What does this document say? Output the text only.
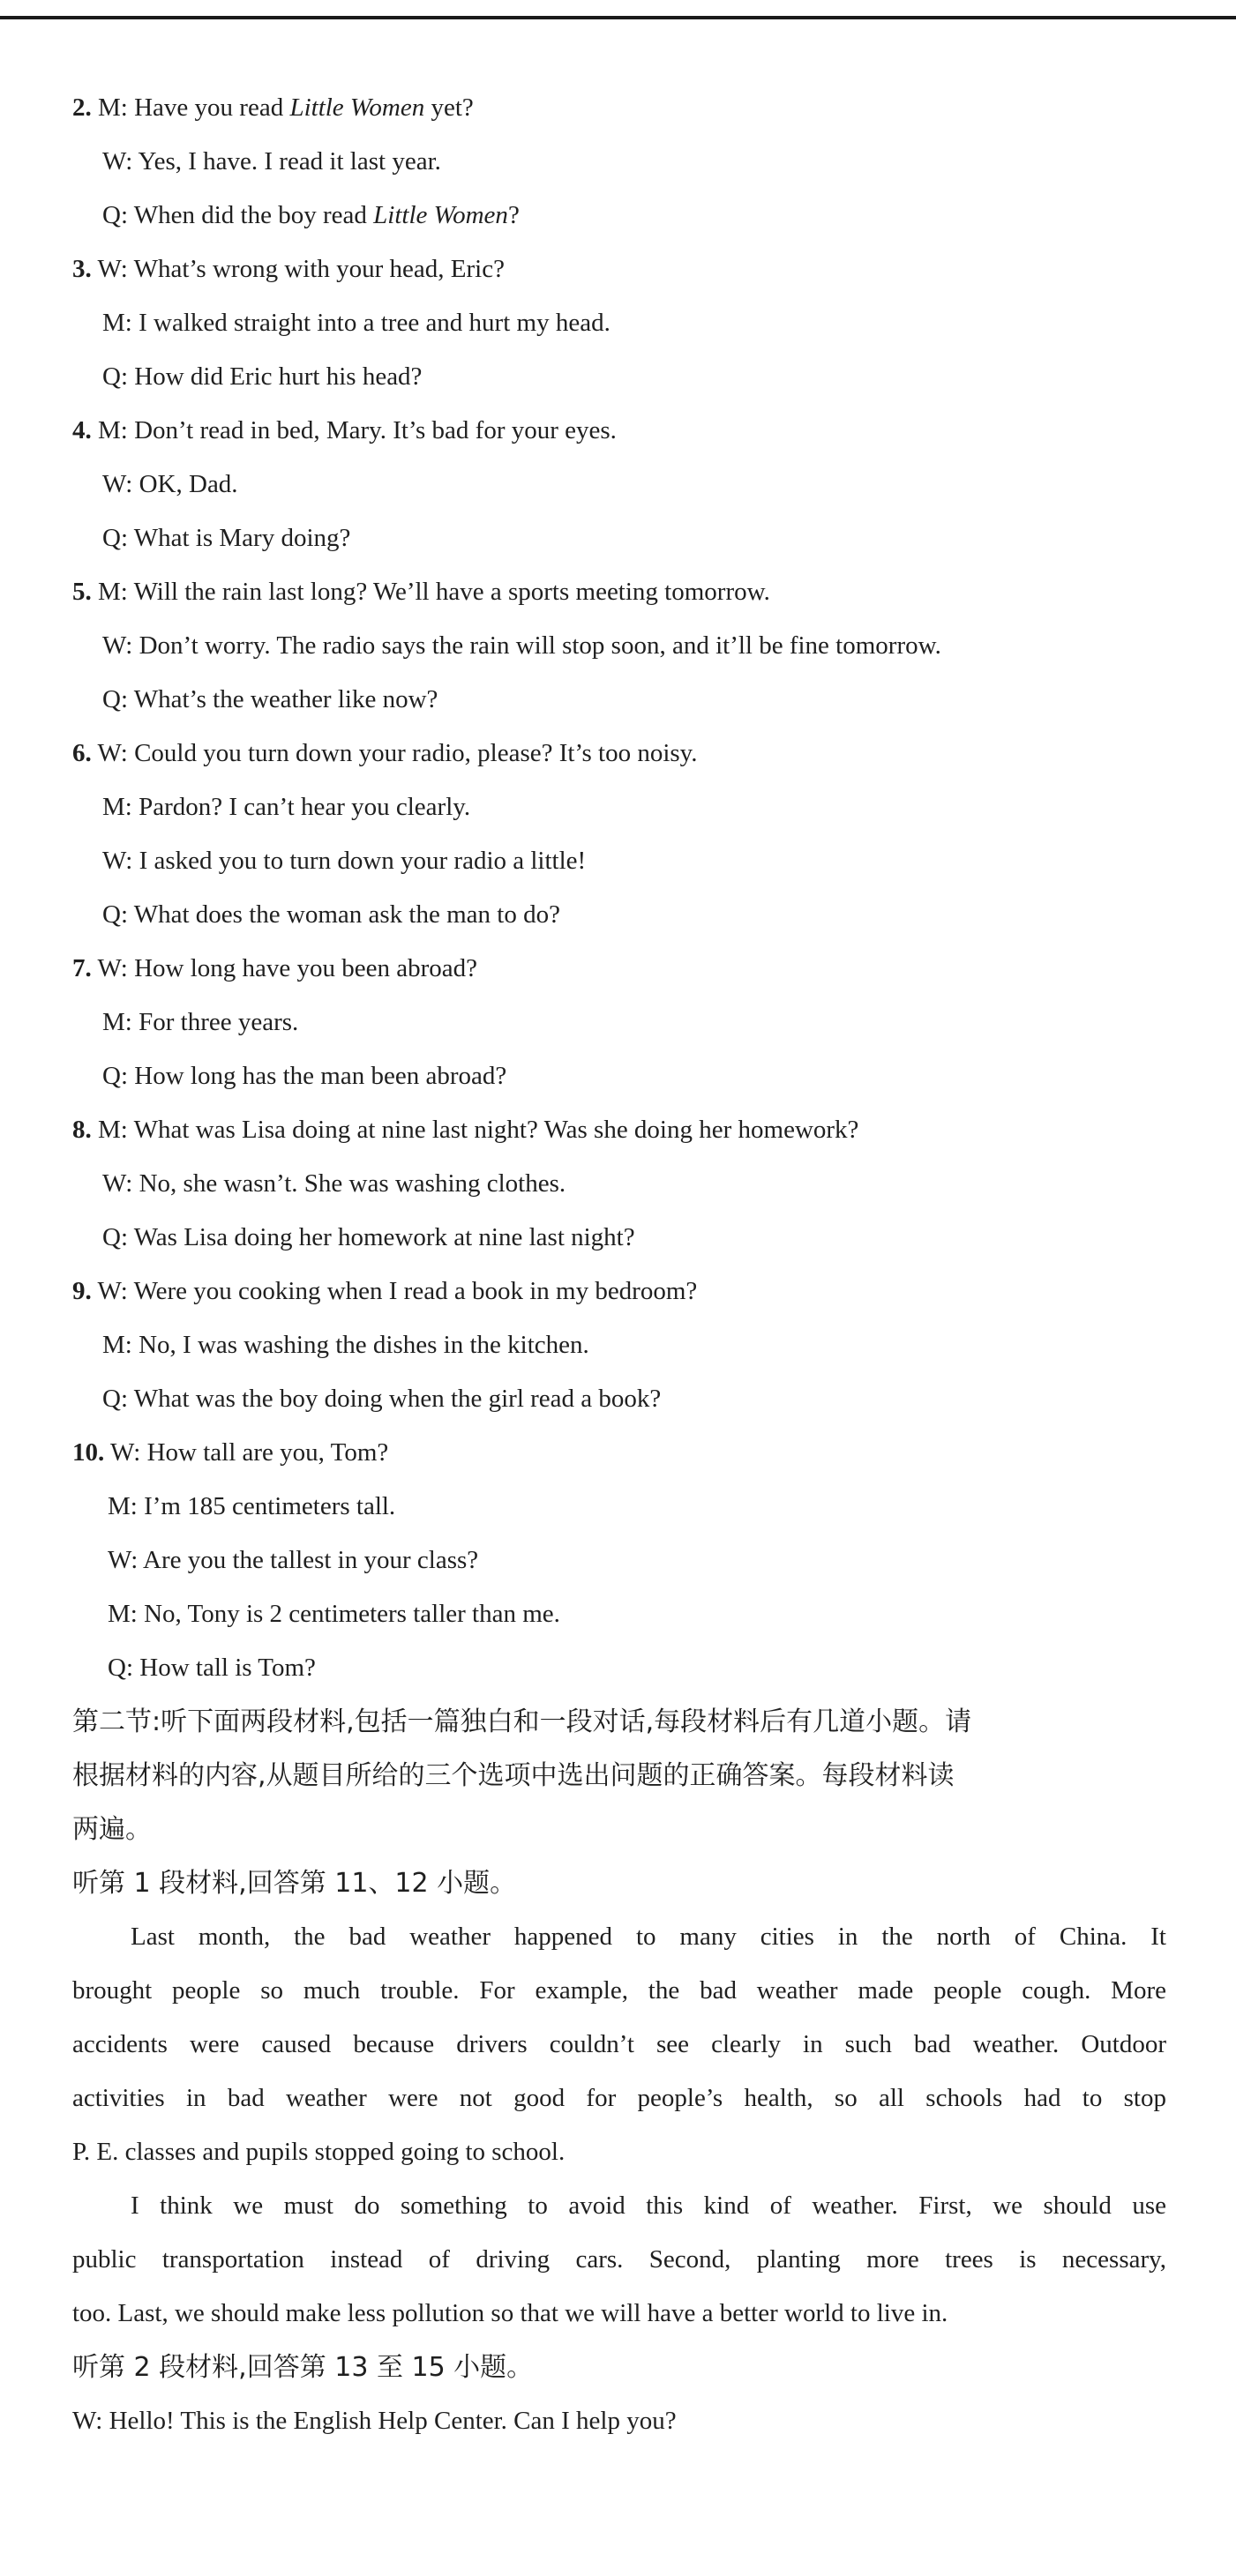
2. M: Have you read Little Women yet?
W: Yes, I have. I read it last year.
Q: When did the boy read Little Women?
3. W: What’s wrong with your head, Eric?
M: I walked straight into a tree and hurt my head.
Q: How did Eric hurt his head?
4. M: Don’t read in bed, Mary. It’s bad for your eyes.
W: OK, Dad.
Q: What is Mary doing?
5. M: Will the rain last long? We’ll have a sports meeting tomorrow.
W: Don’t worry. The radio says the rain will stop soon, and it’ll be fine tomorrow.
Q: What’s the weather like now?
6. W: Could you turn down your radio, please? It’s too noisy.
M: Pardon? I can’t hear you clearly.
W: I asked you to turn down your radio a little!
Q: What does the woman ask the man to do?
7. W: How long have you been abroad?
M: For three years.
Q: How long has the man been abroad?
8. M: What was Lisa doing at nine last night? Was she doing her homework?
W: No, she wasn’t. She was washing clothes.
Q: Was Lisa doing her homework at nine last night?
9. W: Were you cooking when I read a book in my bedroom?
M: No, I was washing the dishes in the kitchen.
Q: What was the boy doing when the girl read a book?
10. W: How tall are you, Tom?
M: I’m 185 centimeters tall.
W: Are you the tallest in your class?
M: No, Tony is 2 centimeters taller than me.
Q: How tall is Tom?
第二节:听下面两段材料,包括一篇独白和一段对话,每段材料后有几道小题。请
根据材料的内容,从题目所给的三个选项中选出问题的正确答案。每段材料读
两遍。
听第 1 段材料,回答第 11、12 小题。
Last month, the bad weather happened to many cities in the north of China. It
brought people so much trouble. For example, the bad weather made people cough. More
accidents were caused because drivers couldn’t see clearly in such bad weather. Outdoor
activities in bad weather were not good for people’s health, so all schools had to stop
P. E. classes and pupils stopped going to school.
I think we must do something to avoid this kind of weather. First, we should use
public transportation instead of driving cars. Second, planting more trees is necessary,
too. Last, we should make less pollution so that we will have a better world to live in.
听第 2 段材料,回答第 13 至 15 小题。
W: Hello! This is the English Help Center. Can I help you?
